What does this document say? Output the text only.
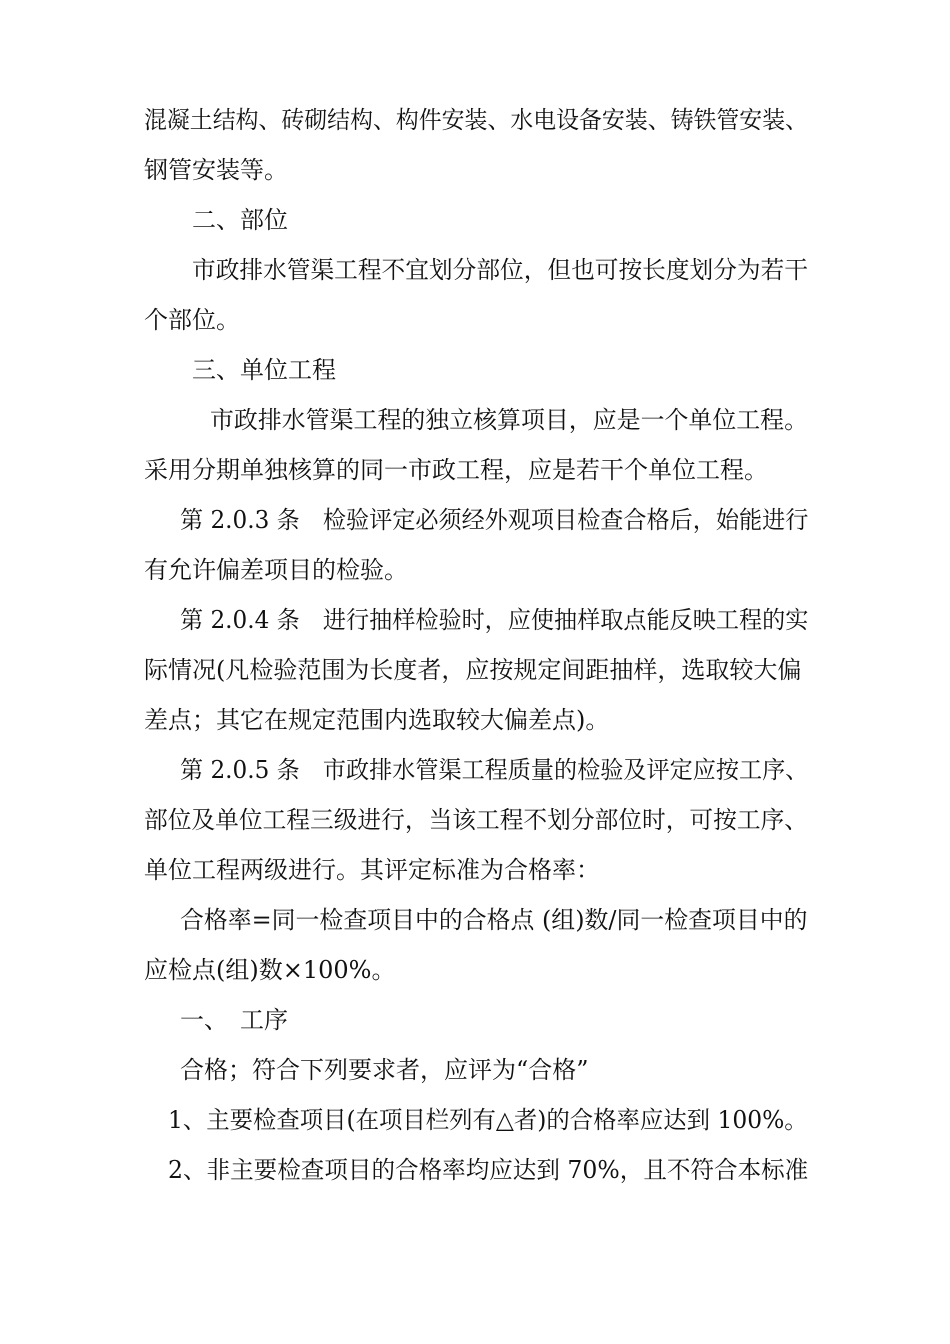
混凝土结构、砖砌结构、构件安装、水电设备安装、铸铁管安装、
钢管安装等。
二、部位
市政排水管渠工程不宜划分部位，但也可按长度划分为若干
个部位。
三、单位工程
市政排水管渠工程的独立核算项目，应是一个单位工程。
采用分期单独核算的同一市政工程，应是若干个单位工程。
第 2.0.3 条　检验评定必须经外观项目检查合格后，始能进行
有允许偏差项目的检验。
第 2.0.4 条　进行抽样检验时，应使抽样取点能反映工程的实
际情况(凡检验范围为长度者，应按规定间距抽样，选取较大偏
差点；其它在规定范围内选取较大偏差点)。
第 2.0.5 条　市政排水管渠工程质量的检验及评定应按工序、
部位及单位工程三级进行，当该工程不划分部位时，可按工序、
单位工程两级进行。其评定标准为合格率：
合格率=同一检查项目中的合格点 (组)数/同一检查项目中的
应检点(组)数×100%。
一、　工序
合格；符合下列要求者，应评为“合格”
1、主要检查项目(在项目栏列有△者)的合格率应达到 100%。
2、非主要检查项目的合格率均应达到 70%，且不符合本标准
